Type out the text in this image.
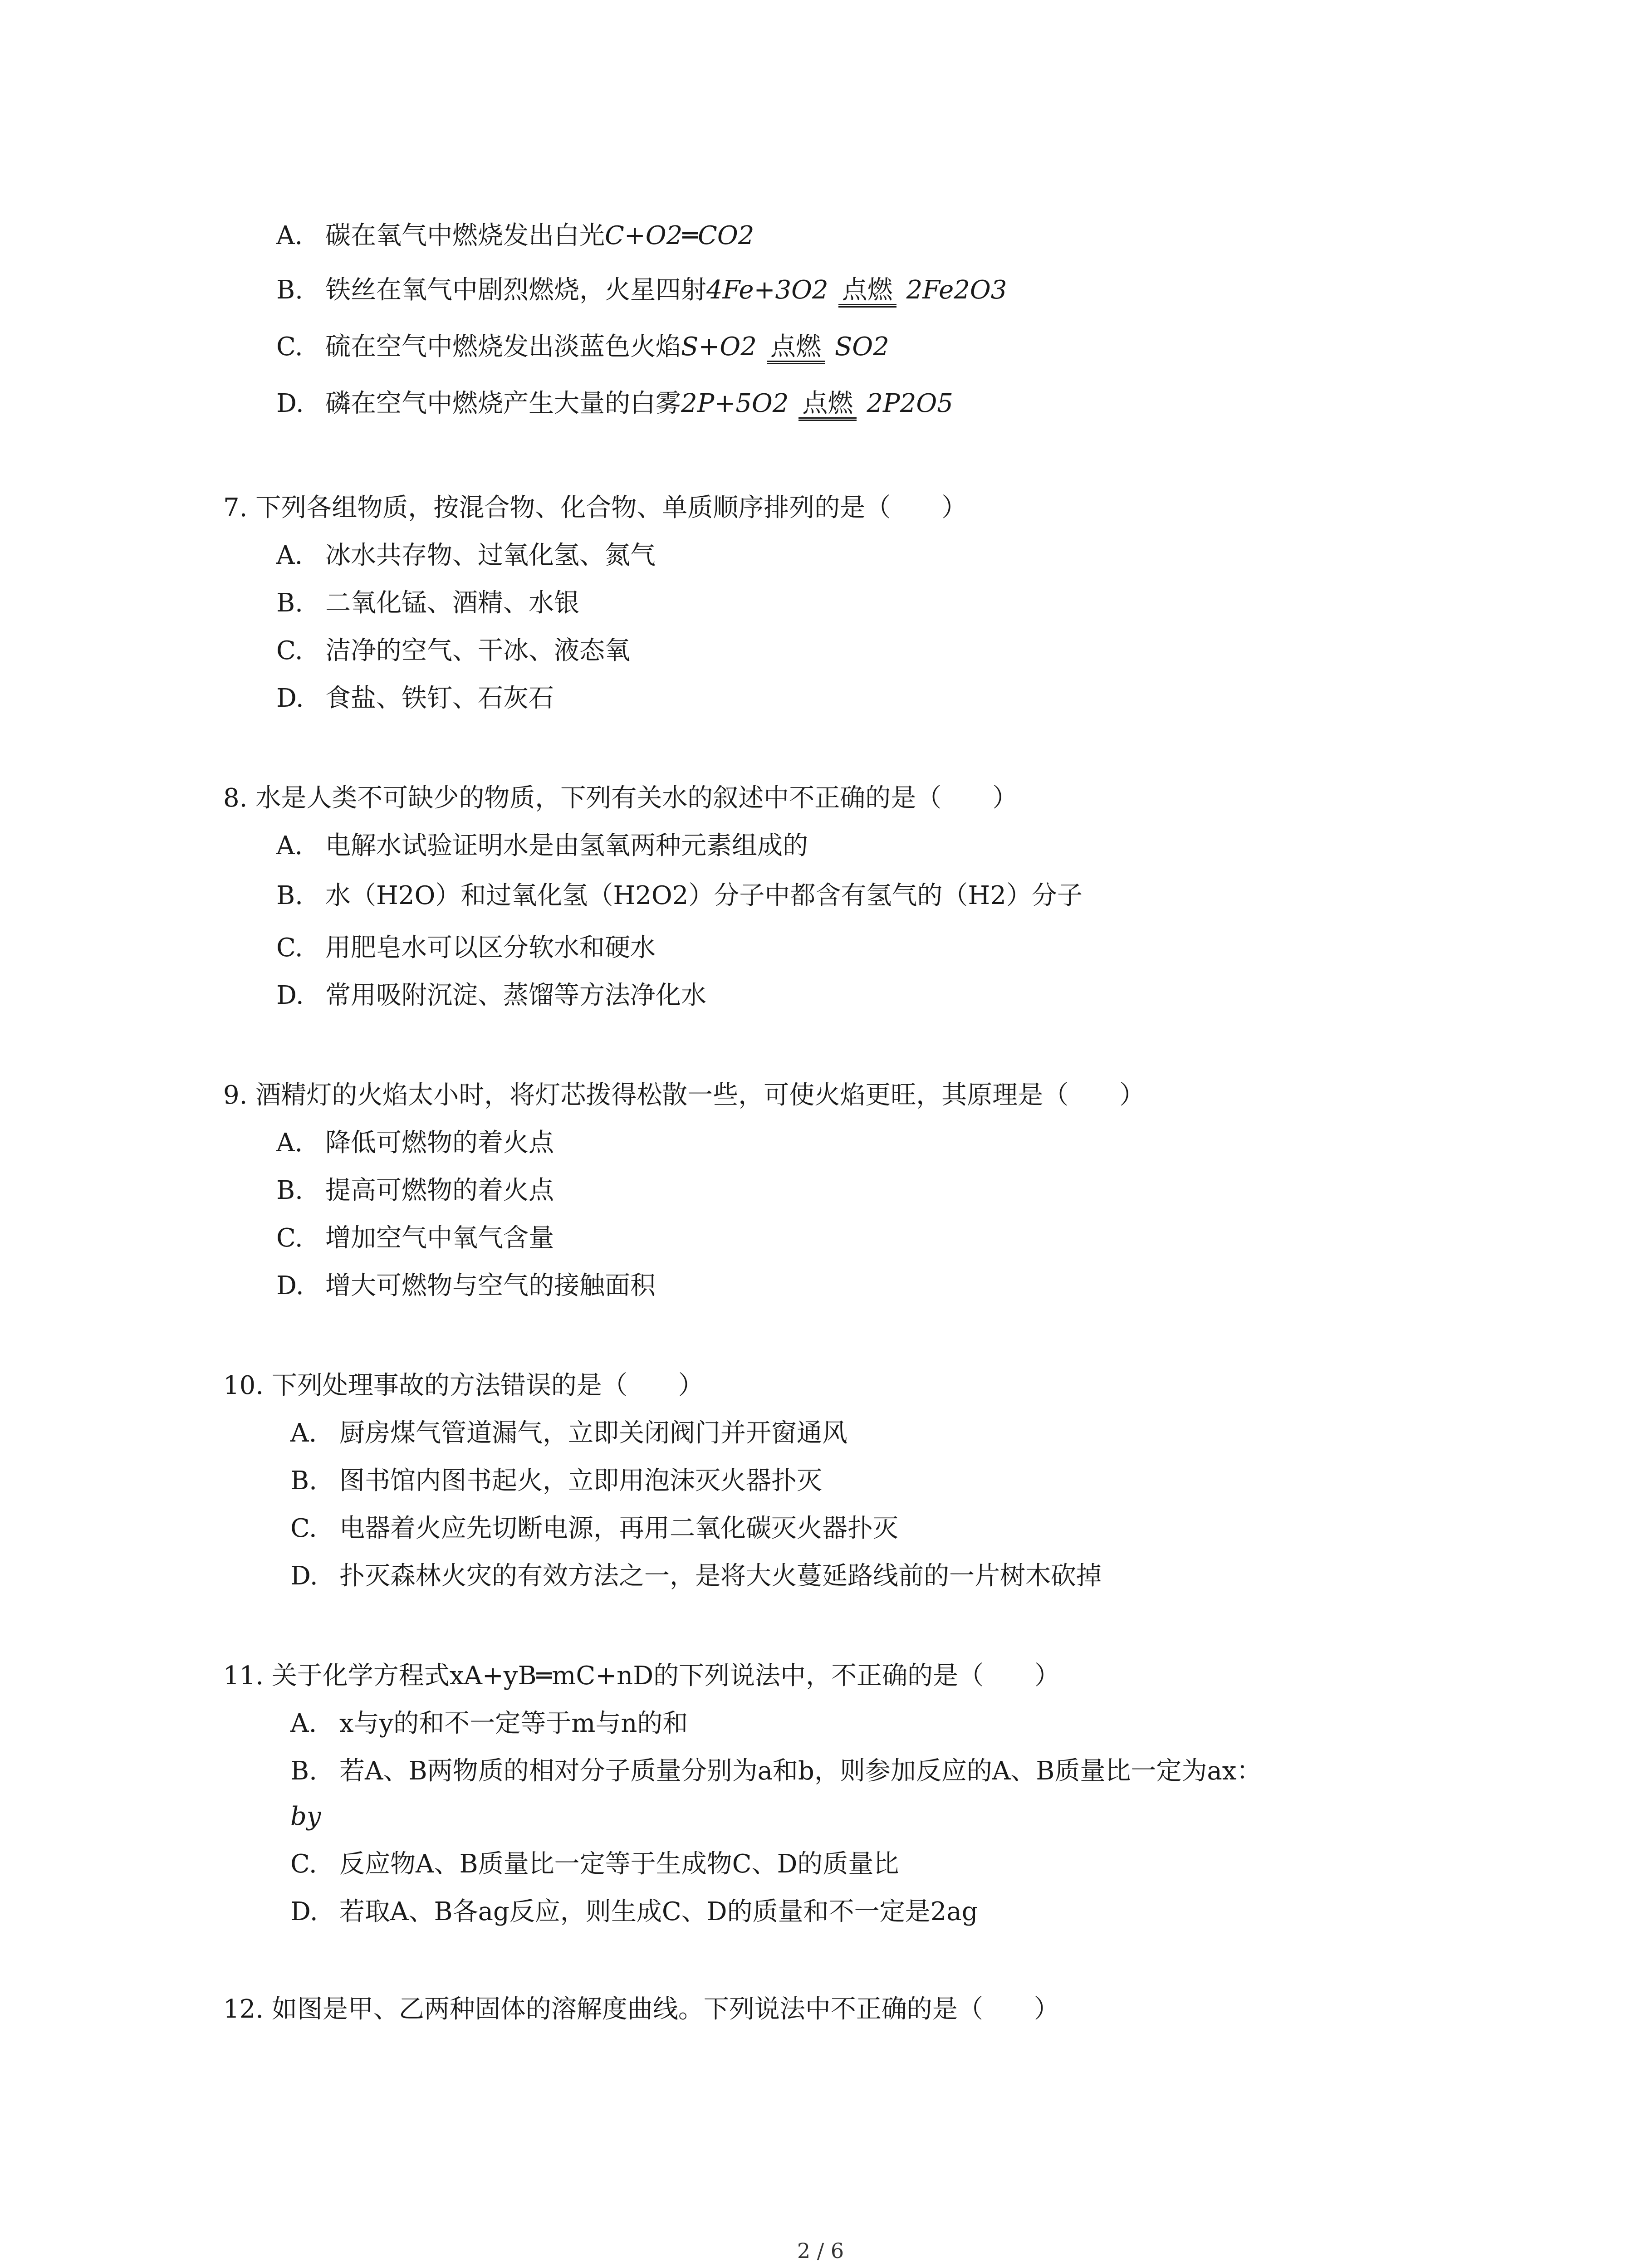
A. 碳在氧气中燃烧发出白光C+O2═CO2
B. 铁丝在氧气中剧烈燃烧，火星四射4Fe+3O2 点燃 2Fe2O3
C. 硫在空气中燃烧发出淡蓝色火焰S+O2 点燃 SO2
D. 磷在空气中燃烧产生大量的白雾2P+5O2 点燃 2P2O5
7. 下列各组物质，按混合物、化合物、单质顺序排列的是（　　）
A. 冰水共存物、过氧化氢、氮气
B. 二氧化锰、酒精、水银
C. 洁净的空气、干冰、液态氧
D. 食盐、铁钉、石灰石
8. 水是人类不可缺少的物质，下列有关水的叙述中不正确的是（　　）
A. 电解水试验证明水是由氢氧两种元素组成的
B. 水（H2O）和过氧化氢（H2O2）分子中都含有氢气的（H2）分子
C. 用肥皂水可以区分软水和硬水
D. 常用吸附沉淀、蒸馏等方法净化水
9. 酒精灯的火焰太小时，将灯芯拨得松散一些，可使火焰更旺，其原理是（　　）
A. 降低可燃物的着火点
B. 提高可燃物的着火点
C. 增加空气中氧气含量
D. 增大可燃物与空气的接触面积
10. 下列处理事故的方法错误的是（　　）
A. 厨房煤气管道漏气，立即关闭阀门并开窗通风
B. 图书馆内图书起火，立即用泡沫灭火器扑灭
C. 电器着火应先切断电源，再用二氧化碳灭火器扑灭
D. 扑灭森林火灾的有效方法之一，是将大火蔓延路线前的一片树木砍掉
11. 关于化学方程式xA+yB═mC+nD的下列说法中，不正确的是（　　）
A. x与y的和不一定等于m与n的和
B. 若A、B两物质的相对分子质量分别为a和b，则参加反应的A、B质量比一定为ax：
by
C. 反应物A、B质量比一定等于生成物C、D的质量比
D. 若取A、B各ag反应，则生成C、D的质量和不一定是2ag
12. 如图是甲、乙两种固体的溶解度曲线。下列说法中不正确的是（　　）
2 / 6
